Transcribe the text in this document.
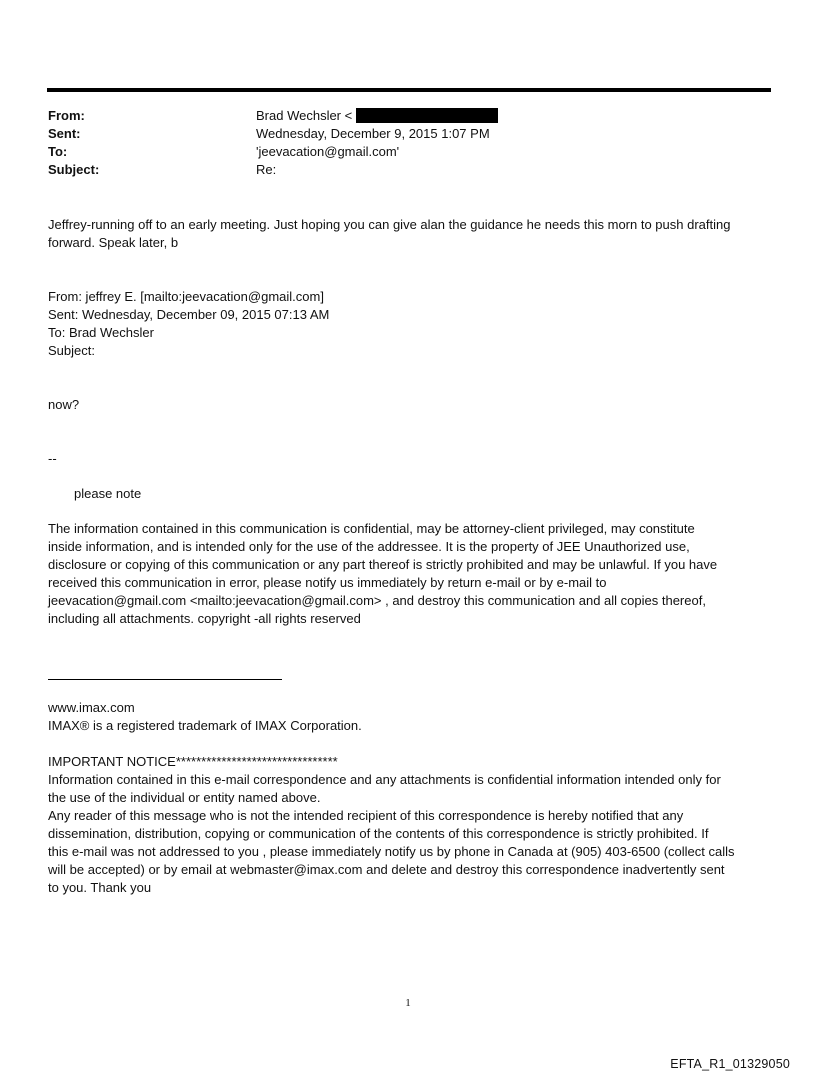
From:	Brad Wechsler <
Sent:	Wednesday, December 9, 2015 1:07 PM
To:	'jeevacation@gmail.com'
Subject:	Re:
Jeffrey-running off to an early meeting. Just hoping you can give alan the guidance he needs this morn to push drafting
forward. Speak later, b
From: jeffrey E. [mailto:jeevacation@gmail.com]
Sent: Wednesday, December 09, 2015 07:13 AM
To: Brad Wechsler
Subject:
now?
--
please note
The information contained in this communication is confidential, may be attorney-client privileged, may constitute
inside information, and is intended only for the use of the addressee. It is the property of JEE Unauthorized use,
disclosure or copying of this communication or any part thereof is strictly prohibited and may be unlawful. If you have
received this communication in error, please notify us immediately by return e-mail or by e-mail to
jeevacation@gmail.com <mailto:jeevacation@gmail.com> , and destroy this communication and all copies thereof,
including all attachments. copyright -all rights reserved
www.imax.com
IMAX® is a registered trademark of IMAX Corporation.
IMPORTANT NOTICE********************************
Information contained in this e-mail correspondence and any attachments is confidential information intended only for
the use of the individual or entity named above.
Any reader of this message who is not the intended recipient of this correspondence is hereby notified that any
dissemination, distribution, copying or communication of the contents of this correspondence is strictly prohibited. If
this e-mail was not addressed to you , please immediately notify us by phone in Canada at (905) 403-6500 (collect calls
will be accepted) or by email at webmaster@imax.com and delete and destroy this correspondence inadvertently sent
to you. Thank you
1
EFTA_R1_01329050
